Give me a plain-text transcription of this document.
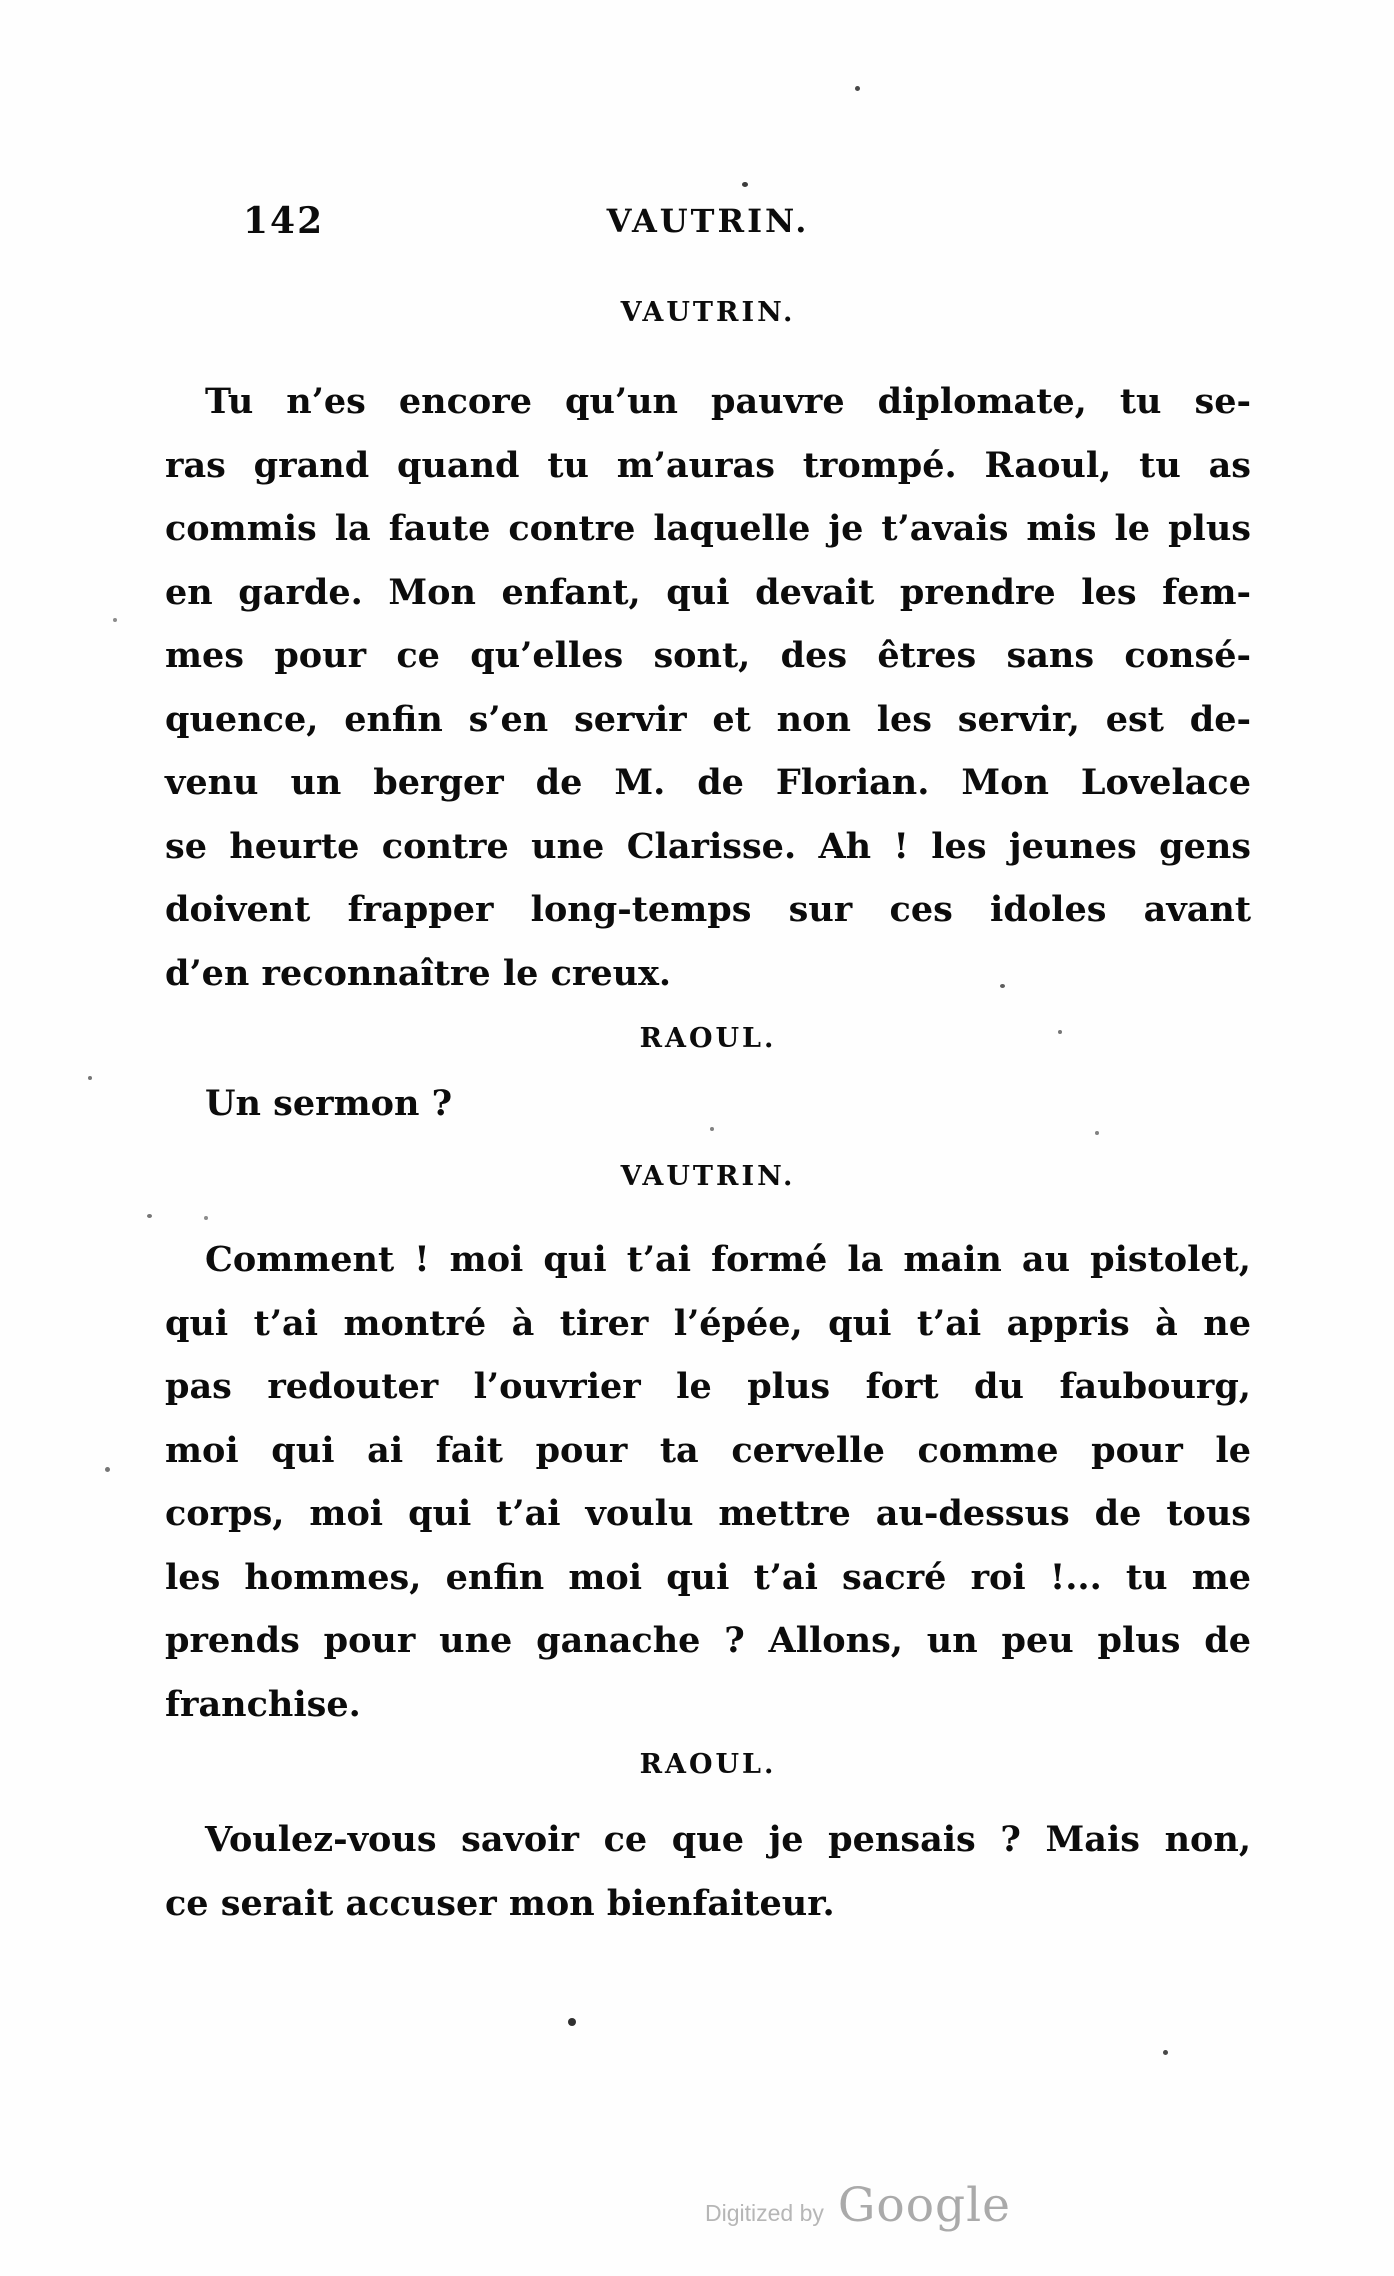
142	VAUTRIN.
VAUTRIN.
Tu n’es encore qu’un pauvre diplomate, tu se-
ras grand quand tu m’auras trompé. Raoul, tu as
commis la faute contre laquelle je t’avais mis le plus
en garde. Mon enfant, qui devait prendre les fem-
mes pour ce qu’elles sont, des êtres sans consé-
quence, enfin s’en servir et non les servir, est de-
venu un berger de M. de Florian. Mon Lovelace
se heurte contre une Clarisse. Ah ! les jeunes gens
doivent frapper long-temps sur ces idoles avant
d’en reconnaître le creux.
RAOUL.
Un sermon ?
VAUTRIN.
Comment ! moi qui t’ai formé la main au pistolet,
qui t’ai montré à tirer l’épée, qui t’ai appris à ne
pas redouter l’ouvrier le plus fort du faubourg,
moi qui ai fait pour ta cervelle comme pour le
corps, moi qui t’ai voulu mettre au-dessus de tous
les hommes, enfin moi qui t’ai sacré roi !... tu me
prends pour une ganache ? Allons, un peu plus de
franchise.
RAOUL.
Voulez-vous savoir ce que je pensais ? Mais non,
ce serait accuser mon bienfaiteur.
Digitized by Google
